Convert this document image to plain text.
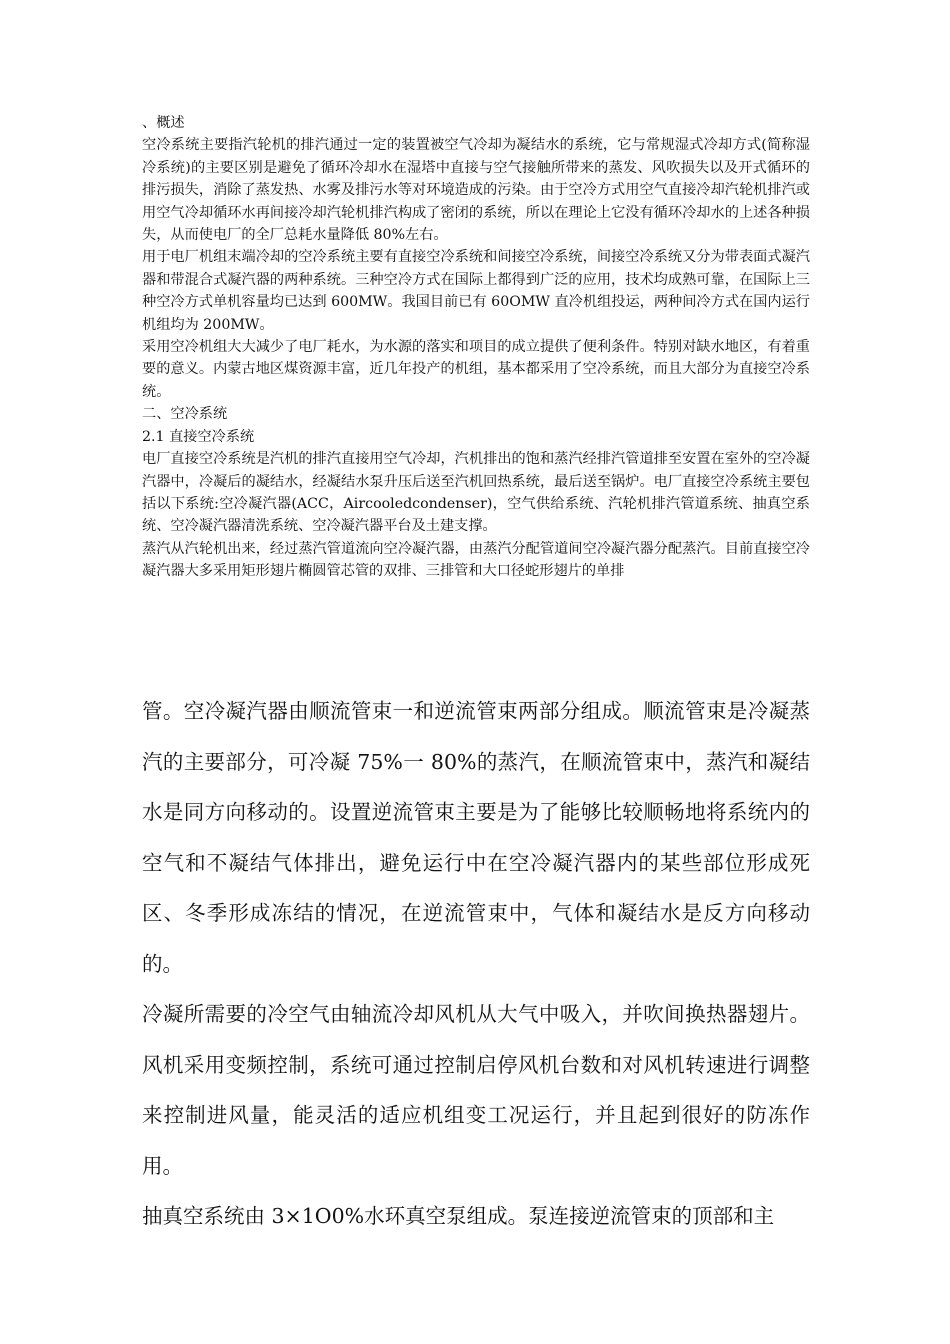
、概述

空冷系统主要指汽轮机的排汽通过一定的装置被空气冷却为凝结水的系统，它与常规湿式冷却方式(简称湿冷系统)的主要区别是避免了循环冷却水在湿塔中直接与空气接触所带来的蒸发、风吹损失以及开式循环的排污损失，消除了蒸发热、水雾及排污水等对环境造成的污染。由于空冷方式用空气直接冷却汽轮机排汽或用空气冷却循环水再间接冷却汽轮机排汽构成了密闭的系统，所以在理论上它没有循环冷却水的上述各种损失，从而使电厂的全厂总耗水量降低 80%左右。

用于电厂机组末端冷却的空冷系统主要有直接空冷系统和间接空冷系统，间接空冷系统又分为带表面式凝汽器和带混合式凝汽器的两种系统。三种空冷方式在国际上都得到广泛的应用，技术均成熟可靠，在国际上三种空冷方式单机容量均已达到 600MW。我国目前已有 60OMW 直冷机组投运，两种间冷方式在国内运行机组均为 200MW。

采用空冷机组大大减少了电厂耗水，为水源的落实和项目的成立提供了便利条件。特别对缺水地区，有着重要的意义。内蒙古地区煤资源丰富，近几年投产的机组，基本都采用了空冷系统，而且大部分为直接空冷系统。

二、空冷系统

2.1 直接空冷系统

电厂直接空冷系统是汽机的排汽直接用空气冷却，汽机排出的饱和蒸汽经排汽管道排至安置在室外的空冷凝汽器中，冷凝后的凝结水，经凝结水泵升压后送至汽机回热系统，最后送至锅炉。电厂直接空冷系统主要包括以下系统:空冷凝汽器(ACC，Aircooledcondenser)，空气供给系统、汽轮机排汽管道系统、抽真空系统、空冷凝汽器清洗系统、空冷凝汽器平台及土建支撑。

蒸汽从汽轮机出来，经过蒸汽管道流向空冷凝汽器，由蒸汽分配管道间空冷凝汽器分配蒸汽。目前直接空冷凝汽器大多采用矩形翅片椭圆管芯管的双排、三排管和大口径蛇形翅片的单排

管。空冷凝汽器由顺流管束一和逆流管束两部分组成。顺流管束是冷凝蒸汽的主要部分，可冷凝 75%一 80%的蒸汽，在顺流管束中，蒸汽和凝结水是同方向移动的。设置逆流管束主要是为了能够比较顺畅地将系统内的空气和不凝结气体排出，避免运行中在空冷凝汽器内的某些部位形成死区、冬季形成冻结的情况，在逆流管束中，气体和凝结水是反方向移动的。

冷凝所需要的冷空气由轴流冷却风机从大气中吸入，并吹间换热器翅片。风机采用变频控制，系统可通过控制启停风机台数和对风机转速进行调整来控制进风量，能灵活的适应机组变工况运行，并且起到很好的防冻作用。

抽真空系统由 3×1O0%水环真空泵组成。泵连接逆流管束的顶部和主
